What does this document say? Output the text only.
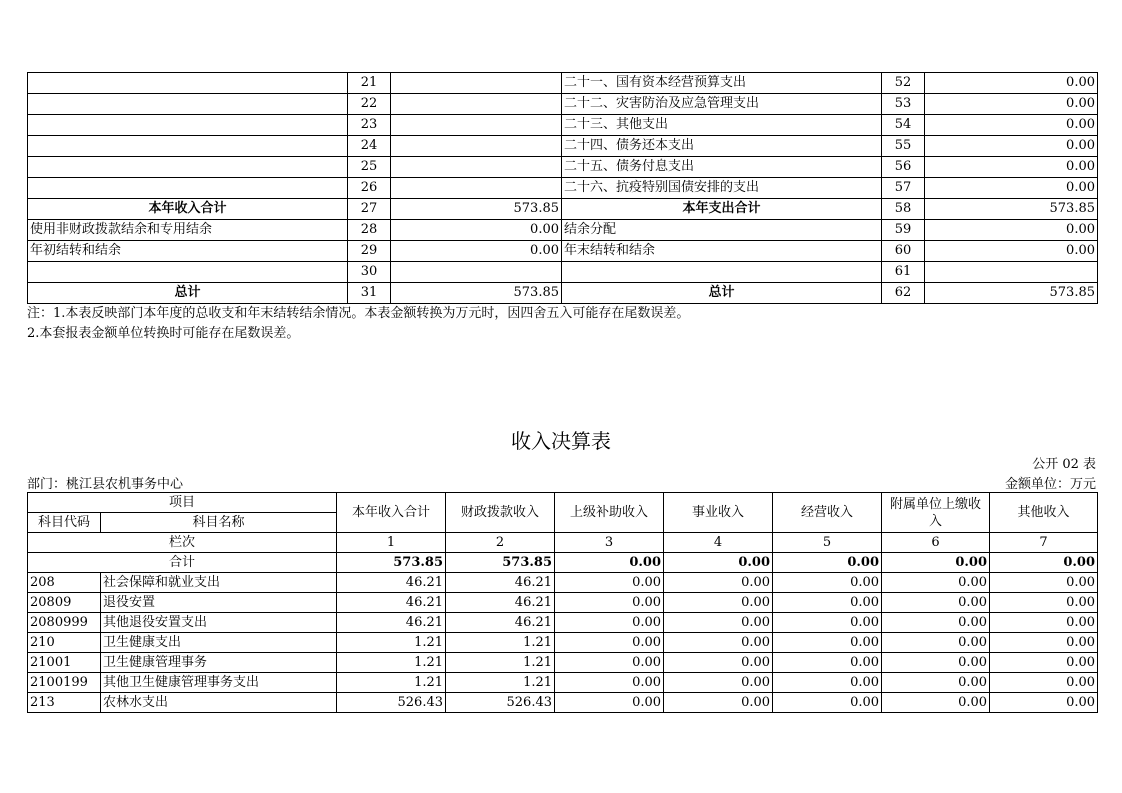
	21		二十一、国有资本经营预算支出	52	0.00
	22		二十二、灾害防治及应急管理支出	53	0.00
	23		二十三、其他支出	54	0.00
	24		二十四、债务还本支出	55	0.00
	25		二十五、债务付息支出	56	0.00
	26		二十六、抗疫特别国债安排的支出	57	0.00
本年收入合计	27	573.85	本年支出合计	58	573.85
使用非财政拨款结余和专用结余	28	0.00	结余分配	59	0.00
年初结转和结余	29	0.00	年末结转和结余	60	0.00
	30			61	
总计	31	573.85	总计	62	573.85
注：1.本表反映部门本年度的总收支和年末结转结余情况。本表金额转换为万元时，因四舍五入可能存在尾数误差。
2.本套报表金额单位转换时可能存在尾数误差。
收入决算表
公开 02 表
部门：桃江县农机事务中心	金额单位：万元
项目		本年收入合计	财政拨款收入	上级补助收入	事业收入	经营收入	附属单位上缴收入	其他收入
科目代码	科目名称							
栏次		1	2	3	4	5	6	7
合计		573.85	573.85	0.00	0.00	0.00	0.00	0.00
208	社会保障和就业支出	46.21	46.21	0.00	0.00	0.00	0.00	0.00
20809	退役安置	46.21	46.21	0.00	0.00	0.00	0.00	0.00
2080999	其他退役安置支出	46.21	46.21	0.00	0.00	0.00	0.00	0.00
210	卫生健康支出	1.21	1.21	0.00	0.00	0.00	0.00	0.00
21001	卫生健康管理事务	1.21	1.21	0.00	0.00	0.00	0.00	0.00
2100199	其他卫生健康管理事务支出	1.21	1.21	0.00	0.00	0.00	0.00	0.00
213	农林水支出	526.43	526.43	0.00	0.00	0.00	0.00	0.00
